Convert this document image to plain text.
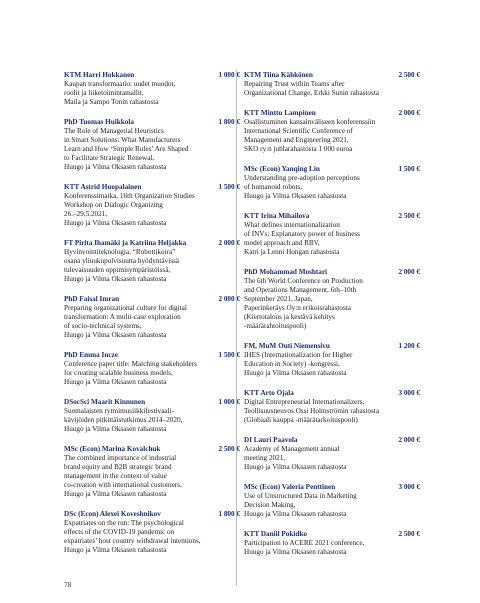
KTM Harri Hokkanen	1 000 €
Kaupan transformaatio: uudet muodot,
roolit ja liiketoimintamallit,
Maila ja Sampo Tonin rahastosta
PhD Tuomas Huikkola	1 800 €
The Role of Managerial Heuristics
in Smart Solutions: What Manufacturers
Learn and How ‘Simple Rules’ Are Shaped
to Facilitate Strategic Renewal,
Huugo ja Vilma Oksasen rahastosta
KTT Astrid Huopalainen	1 500 €
Konferenssimatka, 16th Organization Studies
Workshop on Dialogic Organizing
26.–29.5.2021,
Huugo ja Vilma Oksasen rahastosta
FT Pirita Ihamäki ja Katriina Heljakka	2 000 €
Hyvinvointiteknologia, “Robottikoira”
osana yliuukupolvisuutta hyödyntävissä
tulevaisuuden oppimisympäristöissä,
Huugo ja Vilma Oksasen rahastosta
PhD Faisal Imran	2 000 €
Preparing organizational culture for digital
transformation: A multi-case exploration
of socio-technical systems,
Huugo ja Vilma Oksasen rahastosta
PhD Emma Incze	1 500 €
Conference paper title: Matching stakeholders
for creating scalable business models,
Huugo ja Vilma Oksasen rahastosta
DSocSci Maarit Kinnunen	1 000 €
Suomalaisten rytmimusiikkifestivaali-
kävijöiden pitkittäistutkimus 2014–2020,
Huugo ja Vilma Oksasen rahastosta
MSc (Econ) Marina Kovalchuk	2 500 €
The combined importance of industrial
brand equity and B2B strategic brand
management in the context of value
co-creation with international customers,
Huugo ja Vilma Oksasen rahastosta
DSc (Econ) Alexei Koveshnikov	1 800 €
Expatriates on the run: The psychological
effects of the COVID-19 pandemic on
expatriates’ host country withdrawal intentions,
Huugo ja Vilma Oksasen rahastosta
KTM Tiina Kähkönen	2 500 €
Repairing Trust within Teams after
Organizational Change, Erkki Sunin rahastosta
KTT Minttu Lampinen	2 000 €
Osallistuminen kansainväliseen konferenssiin
International Scientific Conference of
Management and Engineering 2021,
SKO ry:n juhlarahastosta 1 000 euroa
MSc (Econ) Yanqing Lin	1 500 €
Understanding pre-adoption perceptions
of humanoid robots,
Huugo ja Vilma Oksasen rahastosta
KTT Irina Mihailova	2 500 €
What defines internationalization
of INVs: Explanatory power of business
model approach and RBV,
Katri ja Lenni Hongan rahastosta
PhD Mohammad Moshtari	2 000 €
The 6th World Conference on Production
and Operations Management, 6th–10th
September 2021, Japan,
Paperinkeräys Oy:n erikoisrahastosta
(Kiertotalous ja kestävä kehitys
-määrärahtoituspooli)
FM, MuM Outi Niemensivu	1 200 €
IHES (Internationalization for Higher
Education in Society) -kongressi,
Huugo ja Vilma Oksasen rahastosta
KTT Arto Ojala	3 000 €
Digital Entrepreneurial Internationalizers,
Teollisuusneuvos Ossi Holmströmin rahastosta
(Globaali kauppa -määrätarkoituspooli)
DI Lauri Paavola	2 000 €
Academy of Management annual
meeting 2021,
Huugo ja Vilma Oksasen rahastosta
MSc (Econ) Valeria Penttinen	3 000 €
Use of Unstructured Data in Marketing
Decision Making,
Huugo ja Vilma Oksasen rahastosta
KTT Daniil Pokidko	2 500 €
Participation to ACERE 2021 conference,
Huugo ja Vilma Oksasen rahastosta
78
